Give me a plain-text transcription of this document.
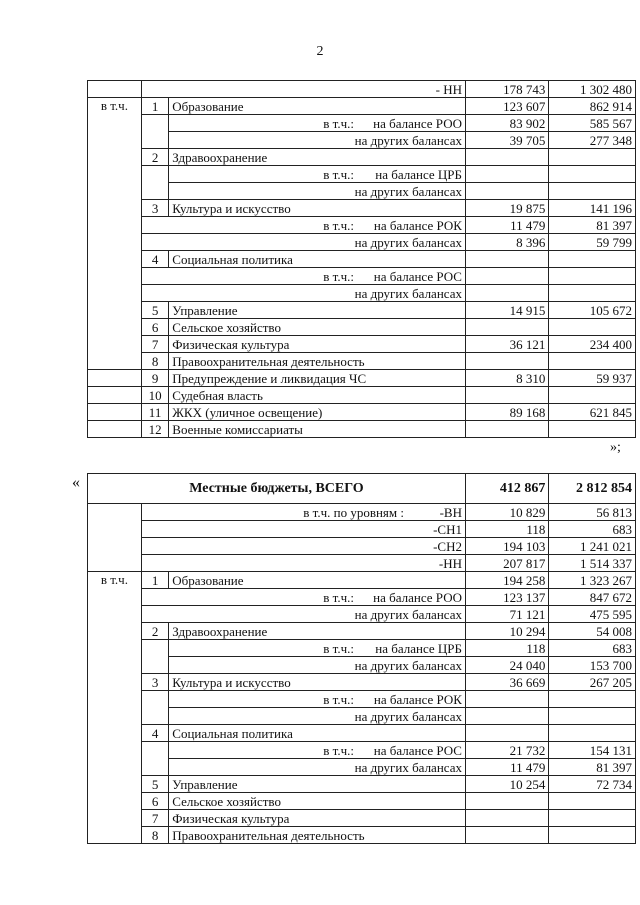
2
	- НН		178 743	1 302 480
в т.ч.	1	Образование	123 607	862 914
		в т.ч.: на балансе РОО	83 902	585 567
		на других балансах	39 705	277 348
	2	Здравоохранение		
		в т.ч.: на балансе ЦРБ		
		на других балансах		
	3	Культура и искусство	19 875	141 196
	в т.ч.: на балансе РОК		11 479	81 397
	на других балансах		8 396	59 799
	4	Социальная политика		
	в т.ч.: на балансе РОС			
	на других балансах			
	5	Управление	14 915	105 672
	6	Сельское хозяйство		
	7	Физическая культура	36 121	234 400
	8	Правоохранительная деятельность		
	9	Предупреждение и ликвидация ЧС	8 310	59 937
	10	Судебная власть		
	11	ЖКХ (уличное освещение)	89 168	621 845
	12	Военные комиссариаты		
»;
«	Местные бюджеты, ВСЕГО			412 867	2 812 854
	в т.ч. по уровням : -ВН		10 829	56 813
	-СН1		118	683
	-СН2		194 103	1 241 021
	-НН		207 817	1 514 337
в т.ч.	1	Образование	194 258	1 323 267
	в т.ч.: на балансе РОО		123 137	847 672
	на других балансах		71 121	475 595
	2	Здравоохранение	10 294	54 008
		в т.ч.: на балансе ЦРБ	118	683
		на других балансах	24 040	153 700
	3	Культура и искусство	36 669	267 205
		в т.ч.: на балансе РОК		
		на других балансах		
	4	Социальная политика		
		в т.ч.: на балансе РОС	21 732	154 131
		на других балансах	11 479	81 397
	5	Управление	10 254	72 734
	6	Сельское хозяйство		
	7	Физическая культура		
	8	Правоохранительная деятельность		
